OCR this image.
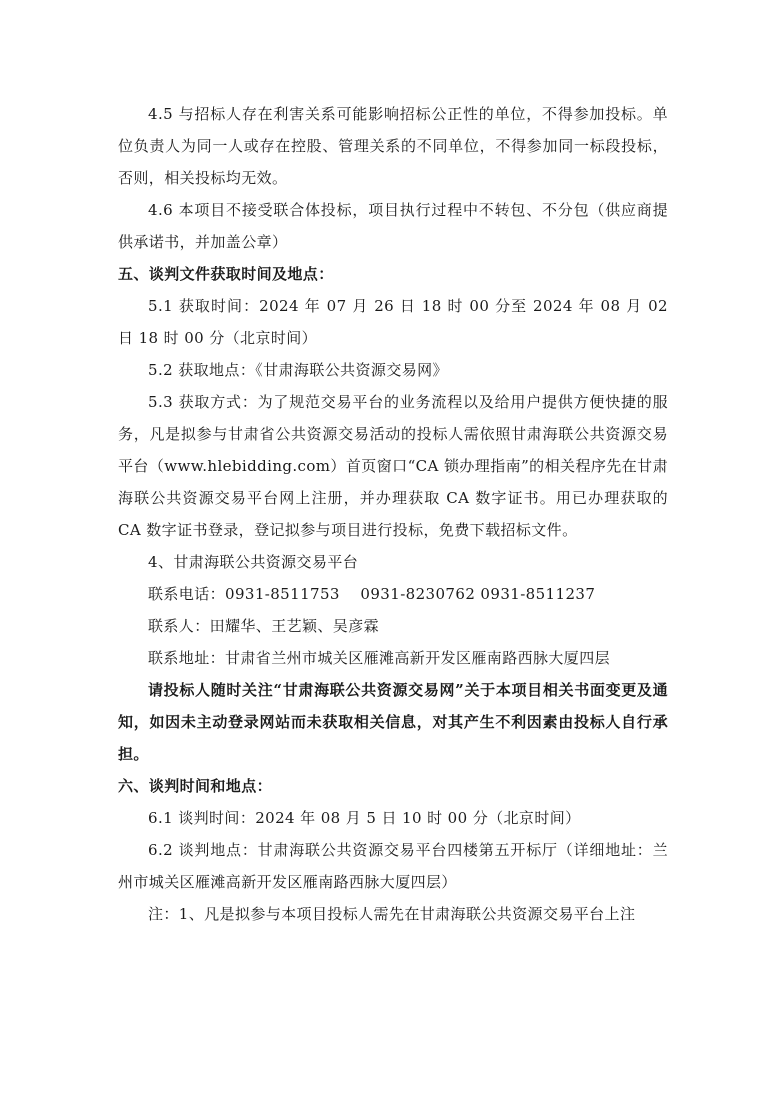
4.5 与招标人存在利害关系可能影响招标公正性的单位，不得参加投标。单位负责人为同一人或存在控股、管理关系的不同单位，不得参加同一标段投标，否则，相关投标均无效。

4.6 本项目不接受联合体投标，项目执行过程中不转包、不分包（供应商提供承诺书，并加盖公章）

五、谈判文件获取时间及地点：

5.1 获取时间：2024 年 07 月 26 日 18 时 00 分至 2024 年 08 月 02 日 18 时 00 分（北京时间）

5.2 获取地点：《甘肃海联公共资源交易网》

5.3 获取方式：为了规范交易平台的业务流程以及给用户提供方便快捷的服务，凡是拟参与甘肃省公共资源交易活动的投标人需依照甘肃海联公共资源交易平台（www.hlebidding.com）首页窗口“CA 锁办理指南”的相关程序先在甘肃海联公共资源交易平台网上注册，并办理获取 CA 数字证书。用已办理获取的 CA 数字证书登录，登记拟参与项目进行投标，免费下载招标文件。

4、甘肃海联公共资源交易平台

联系电话：0931-8511753　 0931-8230762 0931-8511237

联系人：田耀华、王艺颖、吴彦霖

联系地址：甘肃省兰州市城关区雁滩高新开发区雁南路西脉大厦四层

请投标人随时关注“甘肃海联公共资源交易网”关于本项目相关书面变更及通知，如因未主动登录网站而未获取相关信息，对其产生不利因素由投标人自行承担。

六、谈判时间和地点：

6.1 谈判时间：2024 年 08 月 5 日 10 时 00 分（北京时间）

6.2 谈判地点：甘肃海联公共资源交易平台四楼第五开标厅（详细地址：兰州市城关区雁滩高新开发区雁南路西脉大厦四层）

注：1、凡是拟参与本项目投标人需先在甘肃海联公共资源交易平台上注
